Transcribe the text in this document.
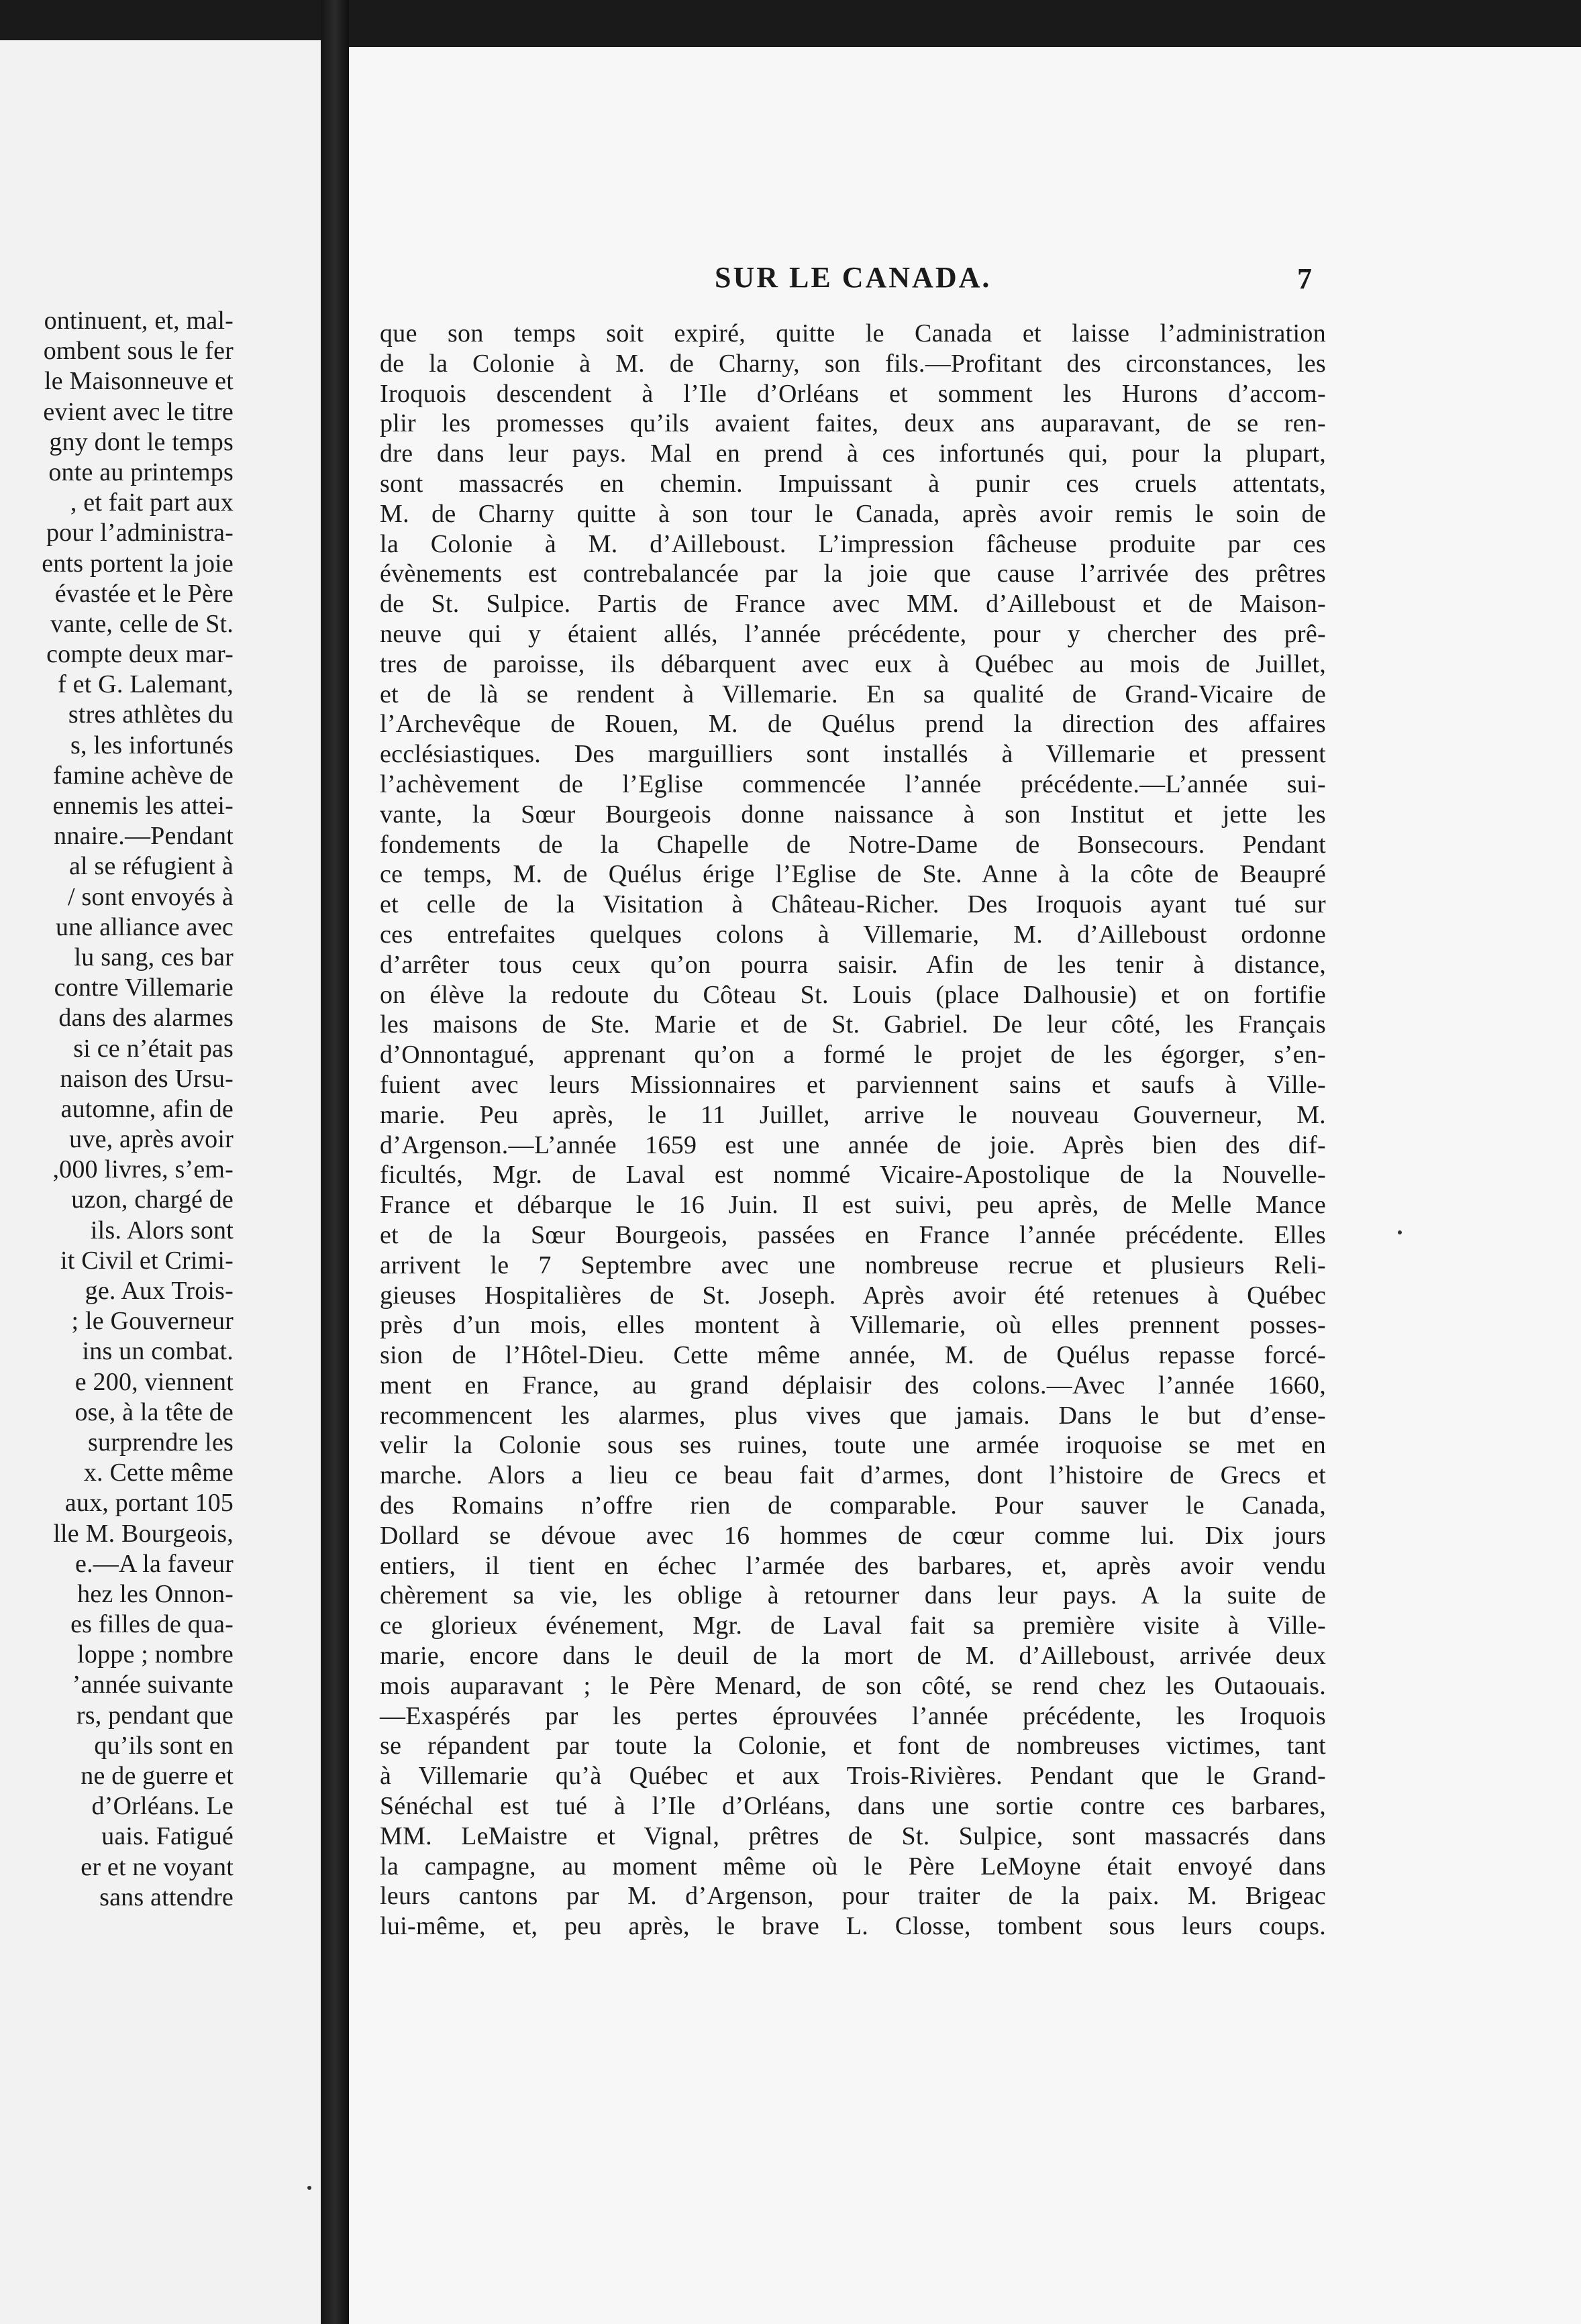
ontinuent, et, mal-
ombent sous le fer
le Maisonneuve et
evient avec le titre
gny dont le temps
onte au printemps
, et fait part aux
pour l’administra-
ents portent la joie
évastée et le Père
vante, celle de St.
compte deux mar-
f et G. Lalemant,
stres athlètes du
s, les infortunés
famine achève de
ennemis les attei-
nnaire.—Pendant
al se réfugient à
/ sont envoyés à
une alliance avec
lu sang, ces bar
contre Villemarie
dans des alarmes
si ce n’était pas
naison des Ursu-
automne, afin de
uve, après avoir
,000 livres, s’em-
uzon, chargé de
ils. Alors sont
it Civil et Crimi-
ge. Aux Trois-
; le Gouverneur
ins un combat.
e 200, viennent
ose, à la tête de
surprendre les
x. Cette même
aux, portant 105
lle M. Bourgeois,
e.—A la faveur
hez les Onnon-
es filles de qua-
loppe ; nombre
’année suivante
rs, pendant que
qu’ils sont en
ne de guerre et
d’Orléans. Le
uais. Fatigué
er et ne voyant
sans attendre
SUR LE CANADA.	7
que son temps soit expiré, quitte le Canada et laisse l’administration
de la Colonie à M. de Charny, son fils.—Profitant des circonstances, les
Iroquois descendent à l’Ile d’Orléans et somment les Hurons d’accom-
plir les promesses qu’ils avaient faites, deux ans auparavant, de se ren-
dre dans leur pays. Mal en prend à ces infortunés qui, pour la plupart,
sont massacrés en chemin. Impuissant à punir ces cruels attentats,
M. de Charny quitte à son tour le Canada, après avoir remis le soin de
la Colonie à M. d’Ailleboust. L’impression fâcheuse produite par ces
évènements est contrebalancée par la joie que cause l’arrivée des prêtres
de St. Sulpice. Partis de France avec MM. d’Ailleboust et de Maison-
neuve qui y étaient allés, l’année précédente, pour y chercher des prê-
tres de paroisse, ils débarquent avec eux à Québec au mois de Juillet,
et de là se rendent à Villemarie. En sa qualité de Grand-Vicaire de
l’Archevêque de Rouen, M. de Quélus prend la direction des affaires
ecclésiastiques. Des marguilliers sont installés à Villemarie et pressent
l’achèvement de l’Eglise commencée l’année précédente.—L’année sui-
vante, la Sœur Bourgeois donne naissance à son Institut et jette les
fondements de la Chapelle de Notre-Dame de Bonsecours. Pendant
ce temps, M. de Quélus érige l’Eglise de Ste. Anne à la côte de Beaupré
et celle de la Visitation à Château-Richer. Des Iroquois ayant tué sur
ces entrefaites quelques colons à Villemarie, M. d’Ailleboust ordonne
d’arrêter tous ceux qu’on pourra saisir. Afin de les tenir à distance,
on élève la redoute du Côteau St. Louis (place Dalhousie) et on fortifie
les maisons de Ste. Marie et de St. Gabriel. De leur côté, les Français
d’Onnontagué, apprenant qu’on a formé le projet de les égorger, s’en-
fuient avec leurs Missionnaires et parviennent sains et saufs à Ville-
marie. Peu après, le 11 Juillet, arrive le nouveau Gouverneur, M.
d’Argenson.—L’année 1659 est une année de joie. Après bien des dif-
ficultés, Mgr. de Laval est nommé Vicaire-Apostolique de la Nouvelle-
France et débarque le 16 Juin. Il est suivi, peu après, de Melle Mance
et de la Sœur Bourgeois, passées en France l’année précédente. Elles
arrivent le 7 Septembre avec une nombreuse recrue et plusieurs Reli-
gieuses Hospitalières de St. Joseph. Après avoir été retenues à Québec
près d’un mois, elles montent à Villemarie, où elles prennent posses-
sion de l’Hôtel-Dieu. Cette même année, M. de Quélus repasse forcé-
ment en France, au grand déplaisir des colons.—Avec l’année 1660,
recommencent les alarmes, plus vives que jamais. Dans le but d’ense-
velir la Colonie sous ses ruines, toute une armée iroquoise se met en
marche. Alors a lieu ce beau fait d’armes, dont l’histoire de Grecs et
des Romains n’offre rien de comparable. Pour sauver le Canada,
Dollard se dévoue avec 16 hommes de cœur comme lui. Dix jours
entiers, il tient en échec l’armée des barbares, et, après avoir vendu
chèrement sa vie, les oblige à retourner dans leur pays. A la suite de
ce glorieux événement, Mgr. de Laval fait sa première visite à Ville-
marie, encore dans le deuil de la mort de M. d’Ailleboust, arrivée deux
mois auparavant ; le Père Menard, de son côté, se rend chez les Outaouais.
—Exaspérés par les pertes éprouvées l’année précédente, les Iroquois
se répandent par toute la Colonie, et font de nombreuses victimes, tant
à Villemarie qu’à Québec et aux Trois-Rivières. Pendant que le Grand-
Sénéchal est tué à l’Ile d’Orléans, dans une sortie contre ces barbares,
MM. LeMaistre et Vignal, prêtres de St. Sulpice, sont massacrés dans
la campagne, au moment même où le Père LeMoyne était envoyé dans
leurs cantons par M. d’Argenson, pour traiter de la paix. M. Brigeac
lui-même, et, peu après, le brave L. Closse, tombent sous leurs coups.
